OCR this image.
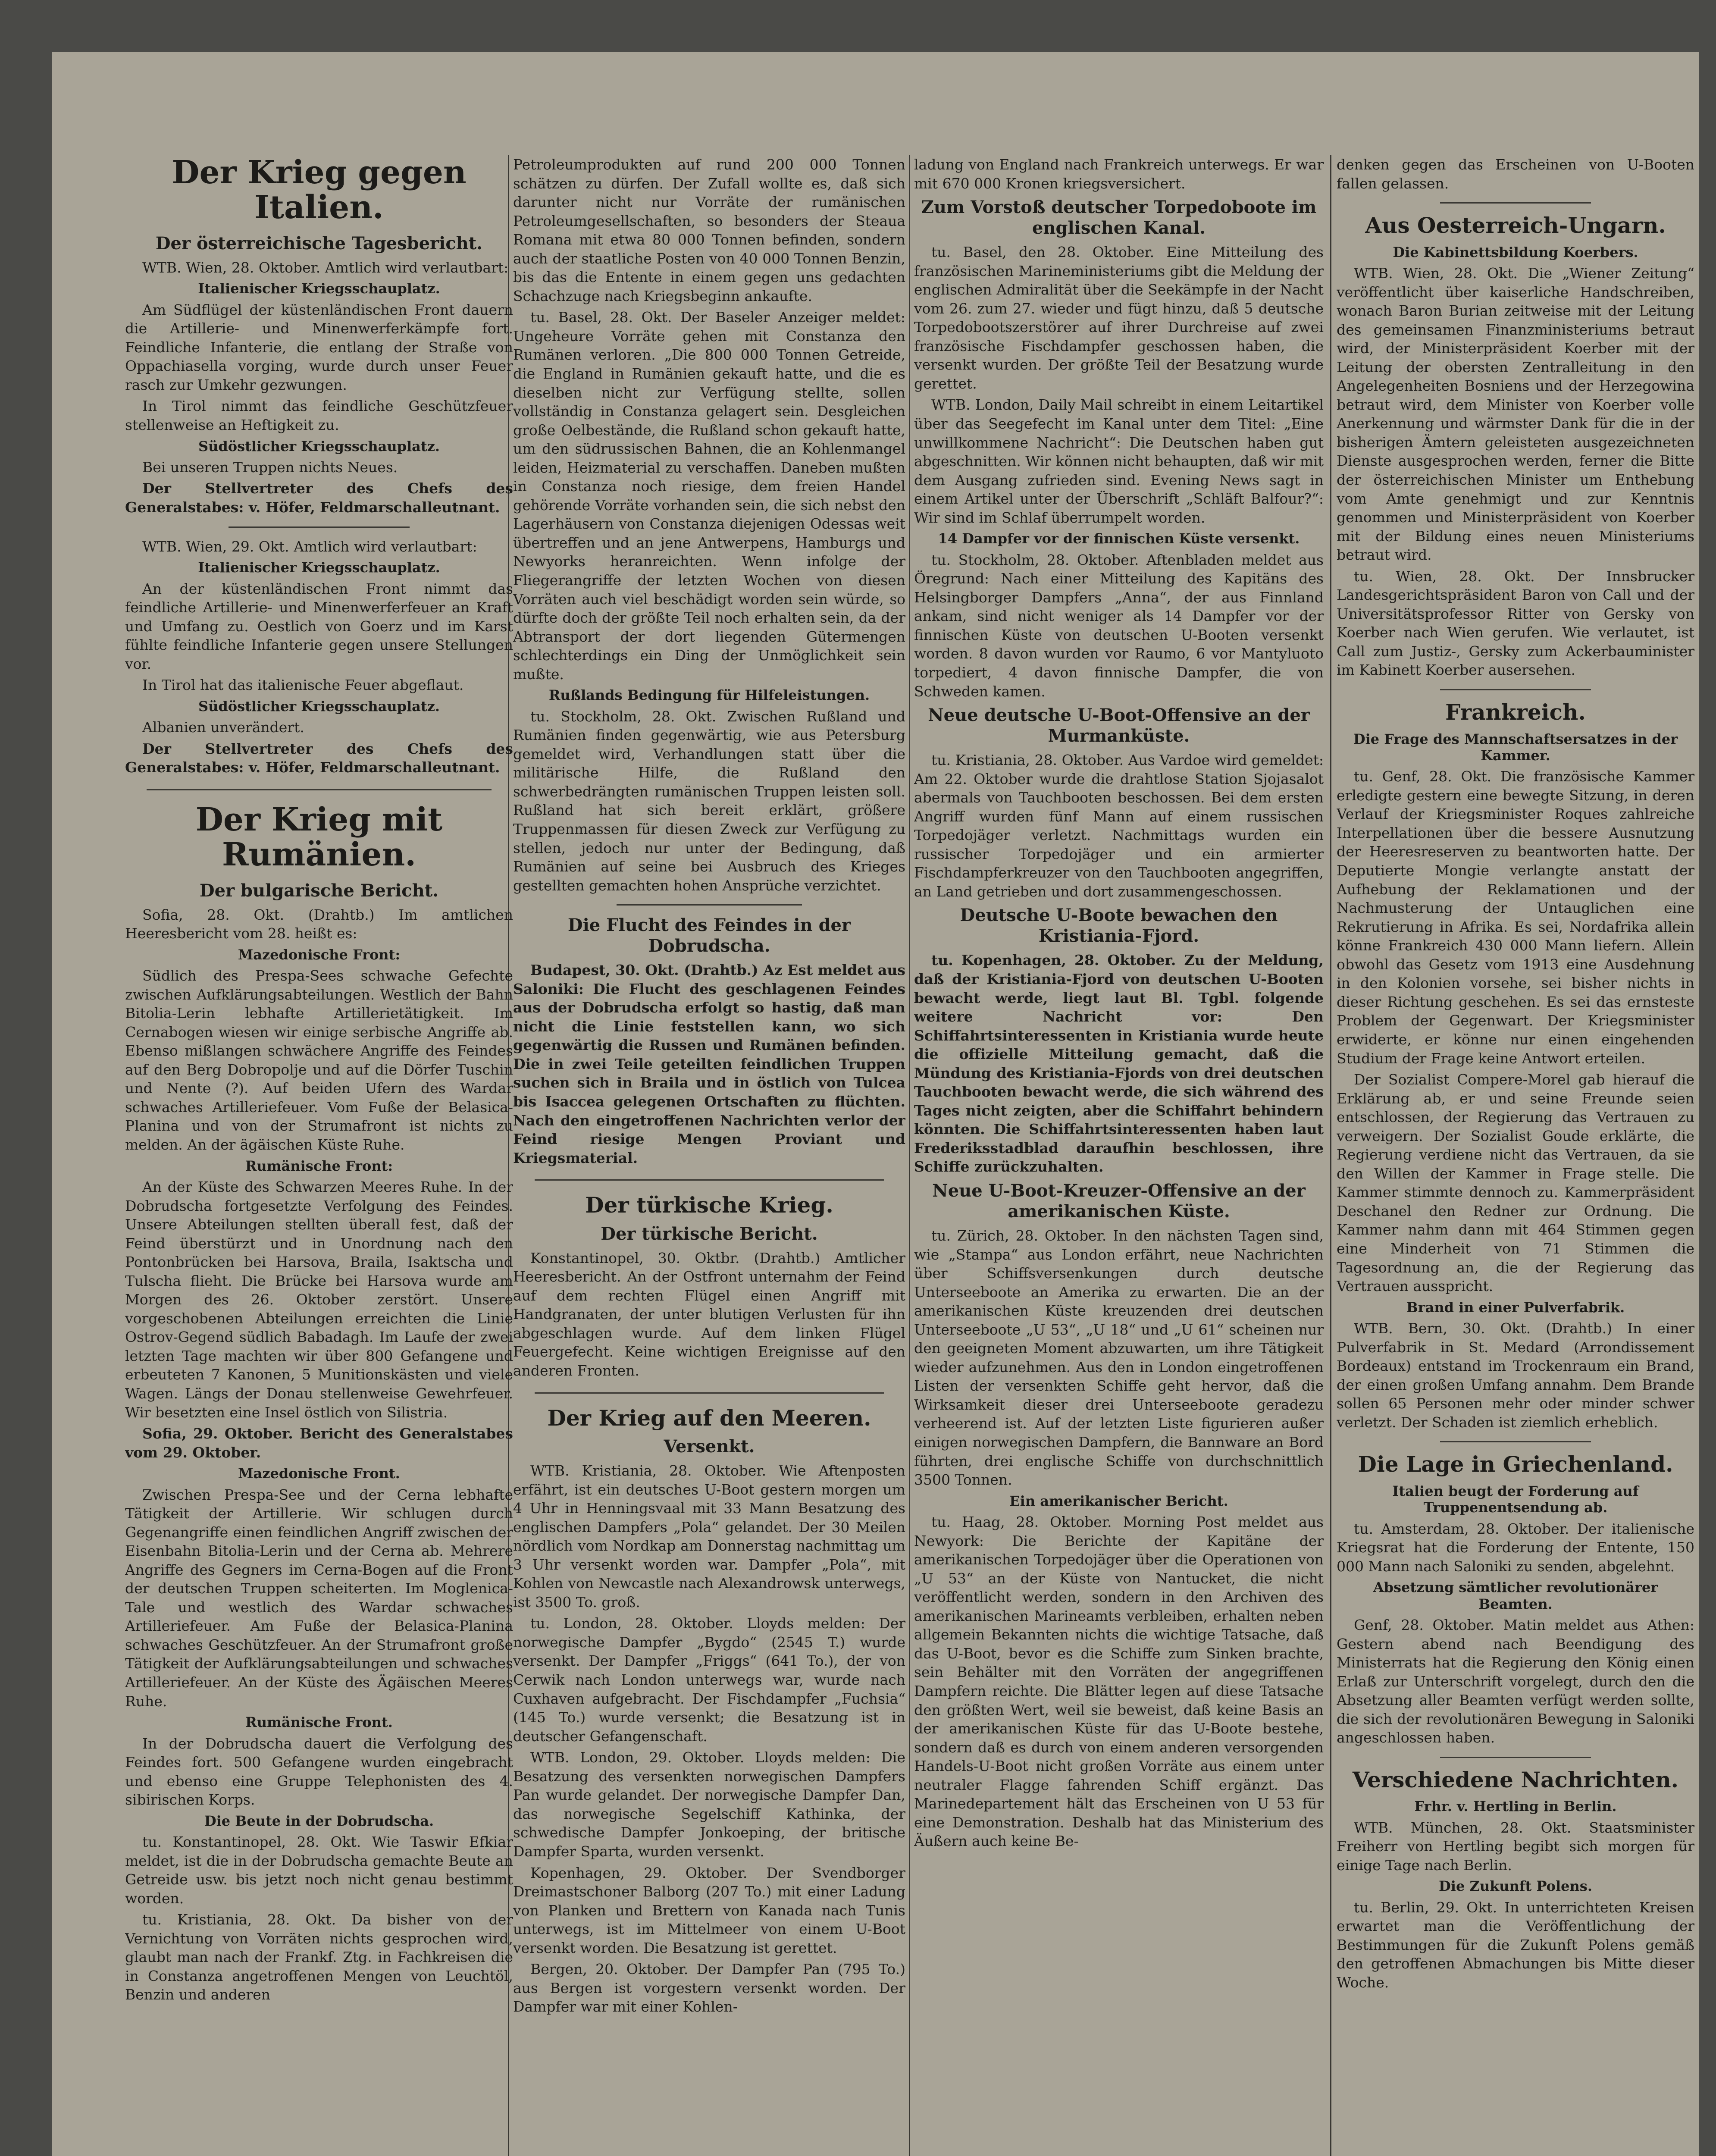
Der Krieg gegen Italien.
Der österreichische Tagesbericht.

WTB. Wien, 28. Oktober. Amtlich wird verlautbart:

Italienischer Kriegsschauplatz.

Am Südflügel der küstenländischen Front dauern die Artillerie- und Minenwerferkämpfe fort. Feindliche Infanterie, die entlang der Straße von Oppachiasella vorging, wurde durch unser Feuer rasch zur Umkehr gezwungen.

In Tirol nimmt das feindliche Geschützfeuer stellenweise an Heftigkeit zu.

Südöstlicher Kriegsschauplatz.

Bei unseren Truppen nichts Neues.

Der Stellvertreter des Chefs des Generalstabes: v. Höfer, Feldmarschalleutnant.

WTB. Wien, 29. Okt. Amtlich wird verlautbart:

Italienischer Kriegsschauplatz.

An der küstenländischen Front nimmt das feindliche Artillerie- und Minenwerferfeuer an Kraft und Umfang zu. Oestlich von Goerz und im Karst fühlte feindliche Infanterie gegen unsere Stellungen vor.

In Tirol hat das italienische Feuer abgeflaut.

Südöstlicher Kriegsschauplatz.

Albanien unverändert.

Der Stellvertreter des Chefs des Generalstabes: v. Höfer, Feldmarschalleutnant.

Der Krieg mit Rumänien.
Der bulgarische Bericht.

Sofia, 28. Okt. (Drahtb.) Im amtlichen Heeresbericht vom 28. heißt es:

Mazedonische Front:

Südlich des Prespa-Sees schwache Gefechte zwischen Aufklärungsabteilungen. Westlich der Bahn Bitolia-Lerin lebhafte Artillerietätigkeit. Im Cernabogen wiesen wir einige serbische Angriffe ab. Ebenso mißlangen schwächere Angriffe des Feindes auf den Berg Dobropolje und auf die Dörfer Tuschin und Nente (?). Auf beiden Ufern des Wardar schwaches Artilleriefeuer. Vom Fuße der Belasica-Planina und von der Strumafront ist nichts zu melden. An der ägäischen Küste Ruhe.

Rumänische Front:

An der Küste des Schwarzen Meeres Ruhe. In der Dobrudscha fortgesetzte Verfolgung des Feindes. Unsere Abteilungen stellten überall fest, daß der Feind überstürzt und in Unordnung nach den Pontonbrücken bei Harsova, Braila, Isaktscha und Tulscha flieht. Die Brücke bei Harsova wurde am Morgen des 26. Oktober zerstört. Unsere vorgeschobenen Abteilungen erreichten die Linie Ostrov-Gegend südlich Babadagh. Im Laufe der zwei letzten Tage machten wir über 800 Gefangene und erbeuteten 7 Kanonen, 5 Munitionskästen und viele Wagen. Längs der Donau stellenweise Gewehrfeuer. Wir besetzten eine Insel östlich von Silistria.

Sofia, 29. Oktober. Bericht des Generalstabes vom 29. Oktober.

Mazedonische Front.

Zwischen Prespa-See und der Cerna lebhafte Tätigkeit der Artillerie. Wir schlugen durch Gegenangriffe einen feindlichen Angriff zwischen der Eisenbahn Bitolia-Lerin und der Cerna ab. Mehrere Angriffe des Gegners im Cerna-Bogen auf die Front der deutschen Truppen scheiterten. Im Moglenica-Tale und westlich des Wardar schwaches Artilleriefeuer. Am Fuße der Belasica-Planina schwaches Geschützfeuer. An der Strumafront große Tätigkeit der Aufklärungsabteilungen und schwaches Artilleriefeuer. An der Küste des Ägäischen Meeres Ruhe.

Rumänische Front.

In der Dobrudscha dauert die Verfolgung des Feindes fort. 500 Gefangene wurden eingebracht und ebenso eine Gruppe Telephonisten des 4. sibirischen Korps.

Die Beute in der Dobrudscha.

tu. Konstantinopel, 28. Okt. Wie Taswir Efkiar meldet, ist die in der Dobrudscha gemachte Beute an Getreide usw. bis jetzt noch nicht genau bestimmt worden.

tu. Kristiania, 28. Okt. Da bisher von der Vernichtung von Vorräten nichts gesprochen wird, glaubt man nach der Frankf. Ztg. in Fachkreisen die in Constanza angetroffenen Mengen von Leuchtöl, Benzin und anderen

Petroleumprodukten auf rund 200 000 Tonnen schätzen zu dürfen. Der Zufall wollte es, daß sich darunter nicht nur Vorräte der rumänischen Petroleumgesellschaften, so besonders der Steaua Romana mit etwa 80 000 Tonnen befinden, sondern auch der staatliche Posten von 40 000 Tonnen Benzin, bis das die Entente in einem gegen uns gedachten Schachzuge nach Kriegsbeginn ankaufte.

tu. Basel, 28. Okt. Der Baseler Anzeiger meldet: Ungeheure Vorräte gehen mit Constanza den Rumänen verloren. „Die 800 000 Tonnen Getreide, die England in Rumänien gekauft hatte, und die es dieselben nicht zur Verfügung stellte, sollen vollständig in Constanza gelagert sein. Desgleichen große Oelbestände, die Rußland schon gekauft hatte, um den südrussischen Bahnen, die an Kohlenmangel leiden, Heizmaterial zu verschaffen. Daneben mußten in Constanza noch riesige, dem freien Handel gehörende Vorräte vorhanden sein, die sich nebst den Lagerhäusern von Constanza diejenigen Odessas weit übertreffen und an jene Antwerpens, Hamburgs und Newyorks heranreichten. Wenn infolge der Fliegerangriffe der letzten Wochen von diesen Vorräten auch viel beschädigt worden sein würde, so dürfte doch der größte Teil noch erhalten sein, da der Abtransport der dort liegenden Gütermengen schlechterdings ein Ding der Unmöglichkeit sein mußte.

Rußlands Bedingung für Hilfeleistungen.

tu. Stockholm, 28. Okt. Zwischen Rußland und Rumänien finden gegenwärtig, wie aus Petersburg gemeldet wird, Verhandlungen statt über die militärische Hilfe, die Rußland den schwerbedrängten rumänischen Truppen leisten soll. Rußland hat sich bereit erklärt, größere Truppenmassen für diesen Zweck zur Verfügung zu stellen, jedoch nur unter der Bedingung, daß Rumänien auf seine bei Ausbruch des Krieges gestellten gemachten hohen Ansprüche verzichtet.

Die Flucht des Feindes in der Dobrudscha.

Budapest, 30. Okt. (Drahtb.) Az Est meldet aus Saloniki: Die Flucht des geschlagenen Feindes aus der Dobrudscha erfolgt so hastig, daß man nicht die Linie feststellen kann, wo sich gegenwärtig die Russen und Rumänen befinden. Die in zwei Teile geteilten feindlichen Truppen suchen sich in Braila und in östlich von Tulcea bis Isaccea gelegenen Ortschaften zu flüchten. Nach den eingetroffenen Nachrichten verlor der Feind riesige Mengen Proviant und Kriegsmaterial.

Der türkische Krieg.
Der türkische Bericht.

Konstantinopel, 30. Oktbr. (Drahtb.) Amtlicher Heeresbericht. An der Ostfront unternahm der Feind auf dem rechten Flügel einen Angriff mit Handgranaten, der unter blutigen Verlusten für ihn abgeschlagen wurde. Auf dem linken Flügel Feuergefecht. Keine wichtigen Ereignisse auf den anderen Fronten.

Der Krieg auf den Meeren.
Versenkt.

WTB. Kristiania, 28. Oktober. Wie Aftenposten erfährt, ist ein deutsches U-Boot gestern morgen um 4 Uhr in Henningsvaal mit 33 Mann Besatzung des englischen Dampfers „Pola“ gelandet. Der 30 Meilen nördlich vom Nordkap am Donnerstag nachmittag um 3 Uhr versenkt worden war. Dampfer „Pola“, mit Kohlen von Newcastle nach Alexandrowsk unterwegs, ist 3500 To. groß.

tu. London, 28. Oktober. Lloyds melden: Der norwegische Dampfer „Bygdo“ (2545 T.) wurde versenkt. Der Dampfer „Friggs“ (641 To.), der von Cerwik nach London unterwegs war, wurde nach Cuxhaven aufgebracht. Der Fischdampfer „Fuchsia“ (145 To.) wurde versenkt; die Besatzung ist in deutscher Gefangenschaft.

WTB. London, 29. Oktober. Lloyds melden: Die Besatzung des versenkten norwegischen Dampfers Pan wurde gelandet. Der norwegische Dampfer Dan, das norwegische Segelschiff Kathinka, der schwedische Dampfer Jonkoeping, der britische Dampfer Sparta, wurden versenkt.

Kopenhagen, 29. Oktober. Der Svendborger Dreimastschoner Balborg (207 To.) mit einer Ladung von Planken und Brettern von Kanada nach Tunis unterwegs, ist im Mittelmeer von einem U-Boot versenkt worden. Die Besatzung ist gerettet.

Bergen, 20. Oktober. Der Dampfer Pan (795 To.) aus Bergen ist vorgestern versenkt worden. Der Dampfer war mit einer Kohlen-

ladung von England nach Frankreich unterwegs. Er war mit 670 000 Kronen kriegsversichert.

Zum Vorstoß deutscher Torpedoboote im englischen Kanal.

tu. Basel, den 28. Oktober. Eine Mitteilung des französischen Marineministeriums gibt die Meldung der englischen Admiralität über die Seekämpfe in der Nacht vom 26. zum 27. wieder und fügt hinzu, daß 5 deutsche Torpedobootszerstörer auf ihrer Durchreise auf zwei französische Fischdampfer geschossen haben, die versenkt wurden. Der größte Teil der Besatzung wurde gerettet.

WTB. London, Daily Mail schreibt in einem Leitartikel über das Seegefecht im Kanal unter dem Titel: „Eine unwillkommene Nachricht“: Die Deutschen haben gut abgeschnitten. Wir können nicht behaupten, daß wir mit dem Ausgang zufrieden sind. Evening News sagt in einem Artikel unter der Überschrift „Schläft Balfour?“: Wir sind im Schlaf überrumpelt worden.

14 Dampfer vor der finnischen Küste versenkt.

tu. Stockholm, 28. Oktober. Aftenbladen meldet aus Öregrund: Nach einer Mitteilung des Kapitäns des Helsingborger Dampfers „Anna“, der aus Finnland ankam, sind nicht weniger als 14 Dampfer vor der finnischen Küste von deutschen U-Booten versenkt worden. 8 davon wurden vor Raumo, 6 vor Mantyluoto torpediert, 4 davon finnische Dampfer, die von Schweden kamen.

Neue deutsche U-Boot-Offensive an der Murmanküste.

tu. Kristiania, 28. Oktober. Aus Vardoe wird gemeldet: Am 22. Oktober wurde die drahtlose Station Sjojasalot abermals von Tauchbooten beschossen. Bei dem ersten Angriff wurden fünf Mann auf einem russischen Torpedojäger verletzt. Nachmittags wurden ein russischer Torpedojäger und ein armierter Fischdampferkreuzer von den Tauchbooten angegriffen, an Land getrieben und dort zusammengeschossen.

Deutsche U-Boote bewachen den Kristiania-Fjord.

tu. Kopenhagen, 28. Oktober. Zu der Meldung, daß der Kristiania-Fjord von deutschen U-Booten bewacht werde, liegt laut Bl. Tgbl. folgende weitere Nachricht vor: Den Schiffahrtsinteressenten in Kristiania wurde heute die offizielle Mitteilung gemacht, daß die Mündung des Kristiania-Fjords von drei deutschen Tauchbooten bewacht werde, die sich während des Tages nicht zeigten, aber die Schiffahrt behindern könnten. Die Schiffahrtsinteressenten haben laut Frederiksstadblad daraufhin beschlossen, ihre Schiffe zurückzuhalten.

Neue U-Boot-Kreuzer-Offensive an der amerikanischen Küste.

tu. Zürich, 28. Oktober. In den nächsten Tagen sind, wie „Stampa“ aus London erfährt, neue Nachrichten über Schiffsversenkungen durch deutsche Unterseeboote an Amerika zu erwarten. Die an der amerikanischen Küste kreuzenden drei deutschen Unterseeboote „U 53“, „U 18“ und „U 61“ scheinen nur den geeigneten Moment abzuwarten, um ihre Tätigkeit wieder aufzunehmen. Aus den in London eingetroffenen Listen der versenkten Schiffe geht hervor, daß die Wirksamkeit dieser drei Unterseeboote geradezu verheerend ist. Auf der letzten Liste figurieren außer einigen norwegischen Dampfern, die Bannware an Bord führten, drei englische Schiffe von durchschnittlich 3500 Tonnen.

Ein amerikanischer Bericht.

tu. Haag, 28. Oktober. Morning Post meldet aus Newyork: Die Berichte der Kapitäne der amerikanischen Torpedojäger über die Operationen von „U 53“ an der Küste von Nantucket, die nicht veröffentlicht werden, sondern in den Archiven des amerikanischen Marineamts verbleiben, erhalten neben allgemein Bekannten nichts die wichtige Tatsache, daß das U-Boot, bevor es die Schiffe zum Sinken brachte, sein Behälter mit den Vorräten der angegriffenen Dampfern reichte. Die Blätter legen auf diese Tatsache den größten Wert, weil sie beweist, daß keine Basis an der amerikanischen Küste für das U-Boote bestehe, sondern daß es durch von einem anderen versorgenden Handels-U-Boot nicht großen Vorräte aus einem unter neutraler Flagge fahrenden Schiff ergänzt. Das Marinedepartement hält das Erscheinen von U 53 für eine Demonstration. Deshalb hat das Ministerium des Äußern auch keine Be-

denken gegen das Erscheinen von U-Booten fallen gelassen.

Aus Oesterreich-Ungarn.
Die Kabinettsbildung Koerbers.

WTB. Wien, 28. Okt. Die „Wiener Zeitung“ veröffentlicht über kaiserliche Handschreiben, wonach Baron Burian zeitweise mit der Leitung des gemeinsamen Finanzministeriums betraut wird, der Ministerpräsident Koerber mit der Leitung der obersten Zentralleitung in den Angelegenheiten Bosniens und der Herzegowina betraut wird, dem Minister von Koerber volle Anerkennung und wärmster Dank für die in der bisherigen Ämtern geleisteten ausgezeichneten Dienste ausgesprochen werden, ferner die Bitte der österreichischen Minister um Enthebung vom Amte genehmigt und zur Kenntnis genommen und Ministerpräsident von Koerber mit der Bildung eines neuen Ministeriums betraut wird.

tu. Wien, 28. Okt. Der Innsbrucker Landesgerichtspräsident Baron von Call und der Universitätsprofessor Ritter von Gersky von Koerber nach Wien gerufen. Wie verlautet, ist Call zum Justiz-, Gersky zum Ackerbauminister im Kabinett Koerber ausersehen.

Frankreich.
Die Frage des Mannschaftsersatzes in der Kammer.

tu. Genf, 28. Okt. Die französische Kammer erledigte gestern eine bewegte Sitzung, in deren Verlauf der Kriegsminister Roques zahlreiche Interpellationen über die bessere Ausnutzung der Heeresreserven zu beantworten hatte. Der Deputierte Mongie verlangte anstatt der Aufhebung der Reklamationen und der Nachmusterung der Untauglichen eine Rekrutierung in Afrika. Es sei, Nordafrika allein könne Frankreich 430 000 Mann liefern. Allein obwohl das Gesetz vom 1913 eine Ausdehnung in den Kolonien vorsehe, sei bisher nichts in dieser Richtung geschehen. Es sei das ernsteste Problem der Gegenwart. Der Kriegsminister erwiderte, er könne nur einen eingehenden Studium der Frage keine Antwort erteilen.

Der Sozialist Compere-Morel gab hierauf die Erklärung ab, er und seine Freunde seien entschlossen, der Regierung das Vertrauen zu verweigern. Der Sozialist Goude erklärte, die Regierung verdiene nicht das Vertrauen, da sie den Willen der Kammer in Frage stelle. Die Kammer stimmte dennoch zu. Kammerpräsident Deschanel den Redner zur Ordnung. Die Kammer nahm dann mit 464 Stimmen gegen eine Minderheit von 71 Stimmen die Tagesordnung an, die der Regierung das Vertrauen ausspricht.

Brand in einer Pulverfabrik.

WTB. Bern, 30. Okt. (Drahtb.) In einer Pulverfabrik in St. Medard (Arrondissement Bordeaux) entstand im Trockenraum ein Brand, der einen großen Umfang annahm. Dem Brande sollen 65 Personen mehr oder minder schwer verletzt. Der Schaden ist ziemlich erheblich.

Die Lage in Griechenland.
Italien beugt der Forderung auf Truppenentsendung ab.

tu. Amsterdam, 28. Oktober. Der italienische Kriegsrat hat die Forderung der Entente, 150 000 Mann nach Saloniki zu senden, abgelehnt.

Absetzung sämtlicher revolutionärer Beamten.

Genf, 28. Oktober. Matin meldet aus Athen: Gestern abend nach Beendigung des Ministerrats hat die Regierung den König einen Erlaß zur Unterschrift vorgelegt, durch den die Absetzung aller Beamten verfügt werden sollte, die sich der revolutionären Bewegung in Saloniki angeschlossen haben.

Verschiedene Nachrichten.
Frhr. v. Hertling in Berlin.

WTB. München, 28. Okt. Staatsminister Freiherr von Hertling begibt sich morgen für einige Tage nach Berlin.

Die Zukunft Polens.

tu. Berlin, 29. Okt. In unterrichteten Kreisen erwartet man die Veröffentlichung der Bestimmungen für die Zukunft Polens gemäß den getroffenen Abmachungen bis Mitte dieser Woche.
